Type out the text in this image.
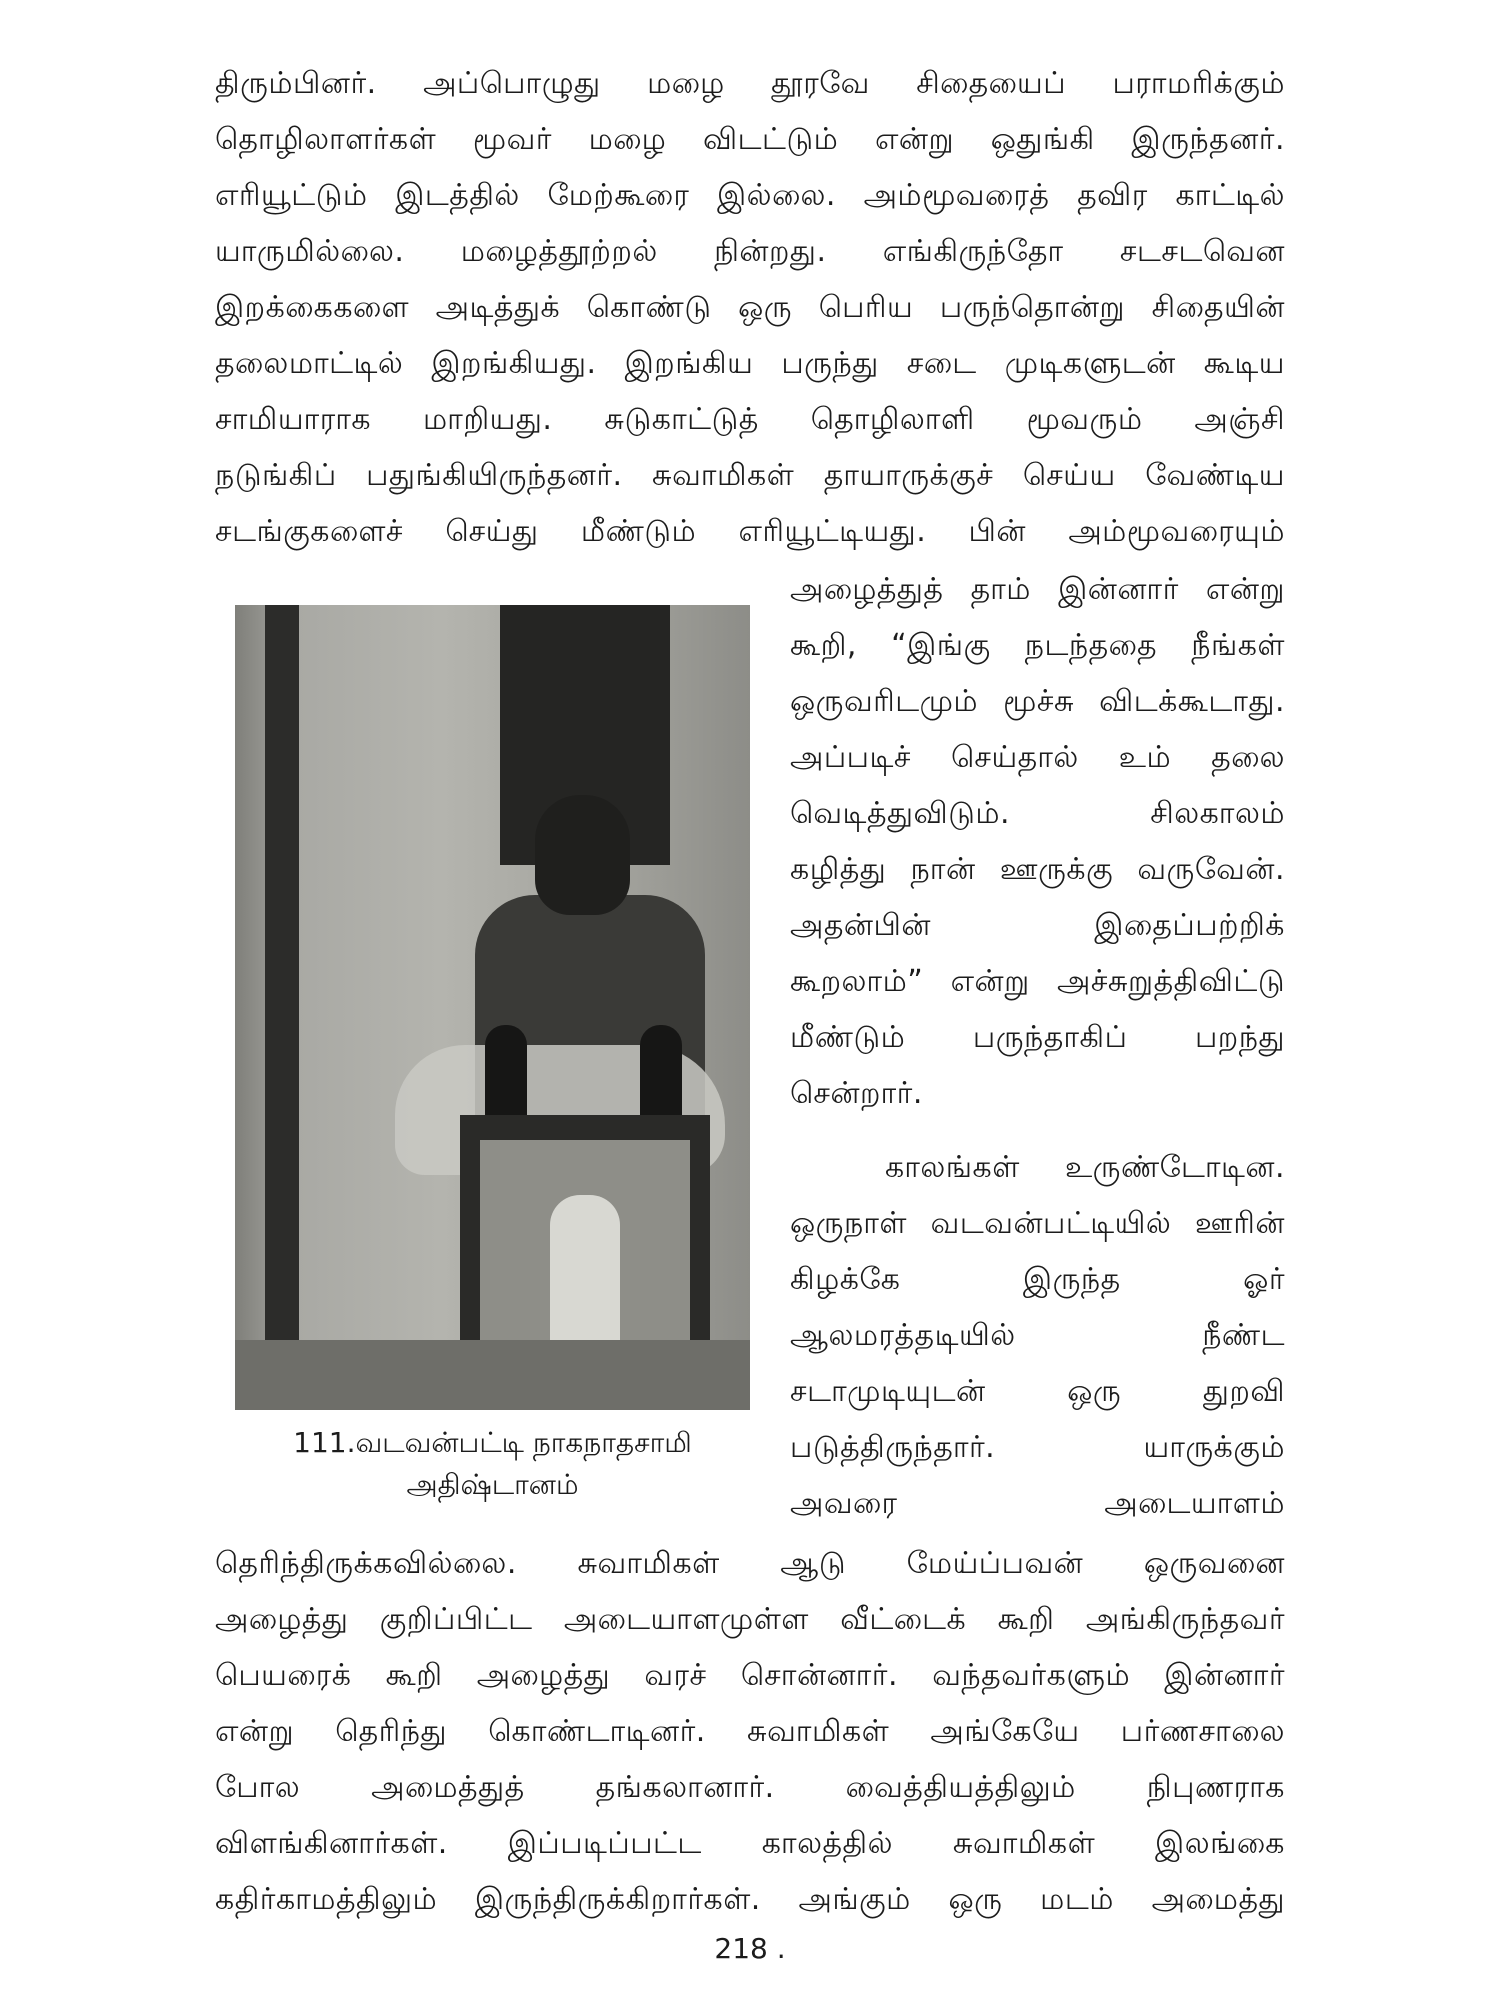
திரும்பினர். அப்பொழுது மழை தூரவே சிதையைப் பராமரிக்கும்
தொழிலாளர்கள் மூவர் மழை விடட்டும் என்று ஒதுங்கி இருந்தனர்.
எரியூட்டும் இடத்தில் மேற்கூரை இல்லை. அம்மூவரைத் தவிர காட்டில்
யாருமில்லை. மழைத்தூற்றல் நின்றது. எங்கிருந்தோ சடசடவென
இறக்கைகளை அடித்துக் கொண்டு ஒரு பெரிய பருந்தொன்று சிதையின்
தலைமாட்டில் இறங்கியது. இறங்கிய பருந்து சடை முடிகளுடன் கூடிய
சாமியாராக மாறியது. சுடுகாட்டுத் தொழிலாளி மூவரும் அஞ்சி
நடுங்கிப் பதுங்கியிருந்தனர். சுவாமிகள் தாயாருக்குச் செய்ய வேண்டிய
சடங்குகளைச் செய்து மீண்டும் எரியூட்டியது. பின் அம்மூவரையும்
111.வடவன்பட்டி நாகநாதசாமி
அதிஷ்டானம்
அழைத்துத் தாம் இன்னார் என்று
கூறி, “இங்கு நடந்ததை நீங்கள்
ஒருவரிடமும் மூச்சு விடக்கூடாது.
அப்படிச் செய்தால் உம் தலை
வெடித்துவிடும். சிலகாலம்
கழித்து நான் ஊருக்கு வருவேன்.
அதன்பின் இதைப்பற்றிக்
கூறலாம்” என்று அச்சுறுத்திவிட்டு
மீண்டும் பருந்தாகிப் பறந்து
சென்றார்.
காலங்கள் உருண்டோடின.
ஒருநாள் வடவன்பட்டியில் ஊரின்
கிழக்கே இருந்த ஓர்
ஆலமரத்தடியில் நீண்ட
சடாமுடியுடன் ஒரு துறவி
படுத்திருந்தார். யாருக்கும்
அவரை அடையாளம்
தெரிந்திருக்கவில்லை. சுவாமிகள் ஆடு மேய்ப்பவன் ஒருவனை
அழைத்து குறிப்பிட்ட அடையாளமுள்ள வீட்டைக் கூறி அங்கிருந்தவர்
பெயரைக் கூறி அழைத்து வரச் சொன்னார். வந்தவர்களும் இன்னார்
என்று தெரிந்து கொண்டாடினர். சுவாமிகள் அங்கேயே பர்ணசாலை
போல அமைத்துத் தங்கலானார். வைத்தியத்திலும் நிபுணராக
விளங்கினார்கள். இப்படிப்பட்ட காலத்தில் சுவாமிகள் இலங்கை
கதிர்காமத்திலும் இருந்திருக்கிறார்கள். அங்கும் ஒரு மடம் அமைத்து
218 .
